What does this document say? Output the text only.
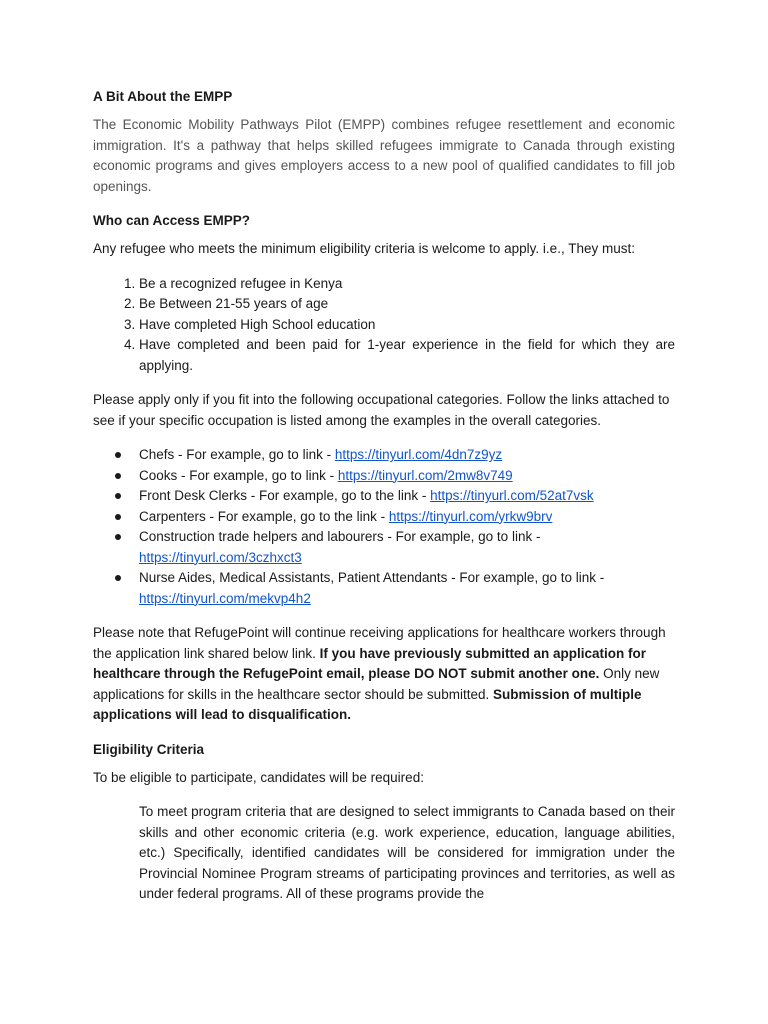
A Bit About the EMPP

The Economic Mobility Pathways Pilot (EMPP) combines refugee resettlement and economic immigration. It's a pathway that helps skilled refugees immigrate to Canada through existing economic programs and gives employers access to a new pool of qualified candidates to fill job openings.

Who can Access EMPP?

Any refugee who meets the minimum eligibility criteria is welcome to apply. i.e., They must:

1. Be a recognized refugee in Kenya
2. Be Between 21-55 years of age
3. Have completed High School education
4. Have completed and been paid for 1-year experience in the field for which they are applying.

Please apply only if you fit into the following occupational categories. Follow the links attached to see if your specific occupation is listed among the examples in the overall categories.

Chefs - For example, go to link - https://tinyurl.com/4dn7z9yz
Cooks - For example, go to link - https://tinyurl.com/2mw8v749
Front Desk Clerks - For example, go to the link - https://tinyurl.com/52at7vsk
Carpenters - For example, go to the link - https://tinyurl.com/yrkw9brv
Construction trade helpers and labourers - For example, go to link - https://tinyurl.com/3czhxct3
Nurse Aides, Medical Assistants, Patient Attendants - For example, go to link - https://tinyurl.com/mekvp4h2

Please note that RefugePoint will continue receiving applications for healthcare workers through the application link shared below link. If you have previously submitted an application for healthcare through the RefugePoint email, please DO NOT submit another one. Only new applications for skills in the healthcare sector should be submitted. Submission of multiple applications will lead to disqualification.

Eligibility Criteria

To be eligible to participate, candidates will be required:

To meet program criteria that are designed to select immigrants to Canada based on their skills and other economic criteria (e.g. work experience, education, language abilities, etc.) Specifically, identified candidates will be considered for immigration under the Provincial Nominee Program streams of participating provinces and territories, as well as under federal programs. All of these programs provide the
